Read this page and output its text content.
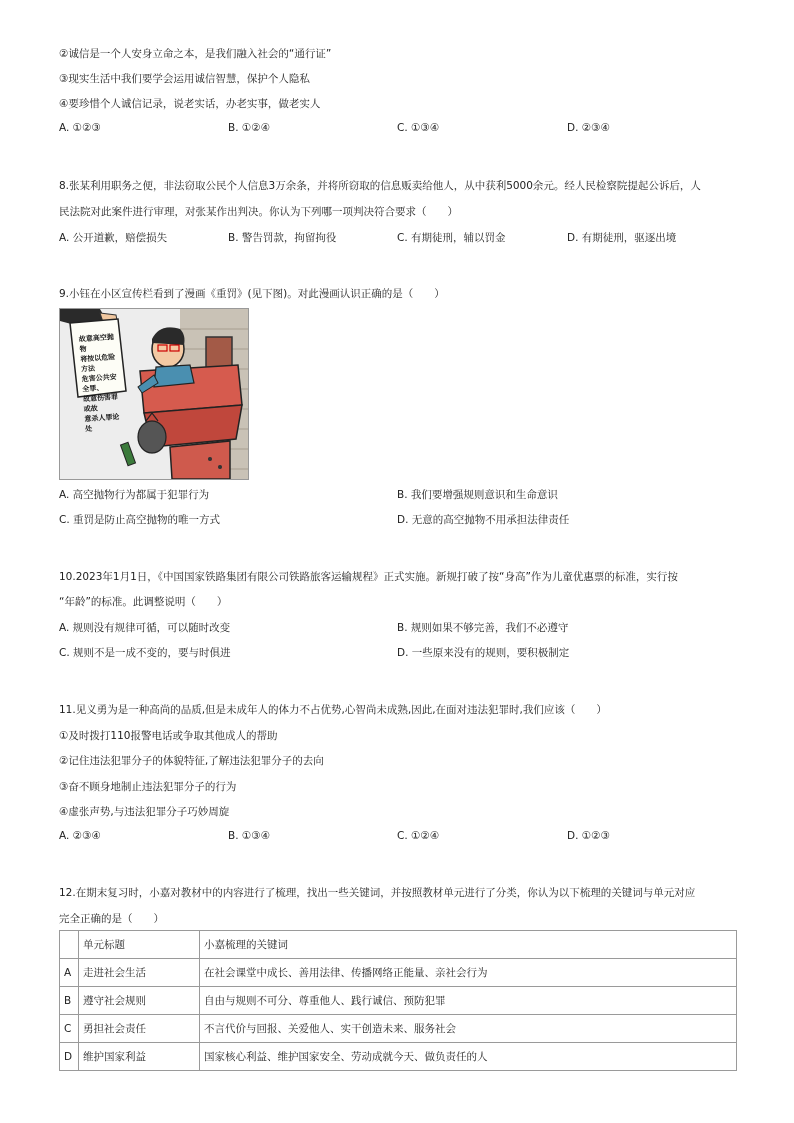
②诚信是一个人安身立命之本，是我们融入社会的“通行证”
③现实生活中我们要学会运用诚信智慧，保护个人隐私
④要珍惜个人诚信记录，说老实话，办老实事，做老实人
A. ①②③	B. ①②④	C. ①③④	D. ②③④
8.张某利用职务之便，非法窃取公民个人信息3万余条，并将所窃取的信息贩卖给他人，从中获利5000余元。经人民检察院提起公诉后，人
民法院对此案件进行审理，对张某作出判决。你认为下列哪一项判决符合要求（　　）
A. 公开道歉，赔偿损失	B. 警告罚款，拘留拘役	C. 有期徒刑，辅以罚金	D. 有期徒刑，驱逐出境
9.小钰在小区宣传栏看到了漫画《重罚》(见下图)。对此漫画认识正确的是（　　）
故意高空抛物
将按以危险方法
危害公共安全罪、
故意伤害罪或故
意杀人罪论处
A. 高空抛物行为都属于犯罪行为	B. 我们要增强规则意识和生命意识
C. 重罚是防止高空抛物的唯一方式	D. 无意的高空抛物不用承担法律责任
10.2023年1月1日，《中国国家铁路集团有限公司铁路旅客运输规程》正式实施。新规打破了按“身高”作为儿童优惠票的标准，实行按
“年龄”的标准。此调整说明（　　）
A. 规则没有规律可循，可以随时改变	B. 规则如果不够完善，我们不必遵守
C. 规则不是一成不变的，要与时俱进	D. 一些原来没有的规则，要积极制定
11.见义勇为是一种高尚的品质,但是未成年人的体力不占优势,心智尚未成熟,因此,在面对违法犯罪时,我们应该（　　）
①及时拨打110报警电话或争取其他成人的帮助
②记住违法犯罪分子的体貌特征,了解违法犯罪分子的去向
③奋不顾身地制止违法犯罪分子的行为
④虚张声势,与违法犯罪分子巧妙周旋
A. ②③④	B. ①③④	C. ①②④	D. ①②③
12.在期末复习时，小嘉对教材中的内容进行了梳理，找出一些关键词，并按照教材单元进行了分类，你认为以下梳理的关键词与单元对应
完全正确的是（　　）
	单元标题	小嘉梳理的关键词
A	走进社会生活	在社会课堂中成长、善用法律、传播网络正能量、亲社会行为
B	遵守社会规则	自由与规则不可分、尊重他人、践行诚信、预防犯罪
C	勇担社会责任	不言代价与回报、关爱他人、实干创造未来、服务社会
D	维护国家利益	国家核心利益、维护国家安全、劳动成就今天、做负责任的人
